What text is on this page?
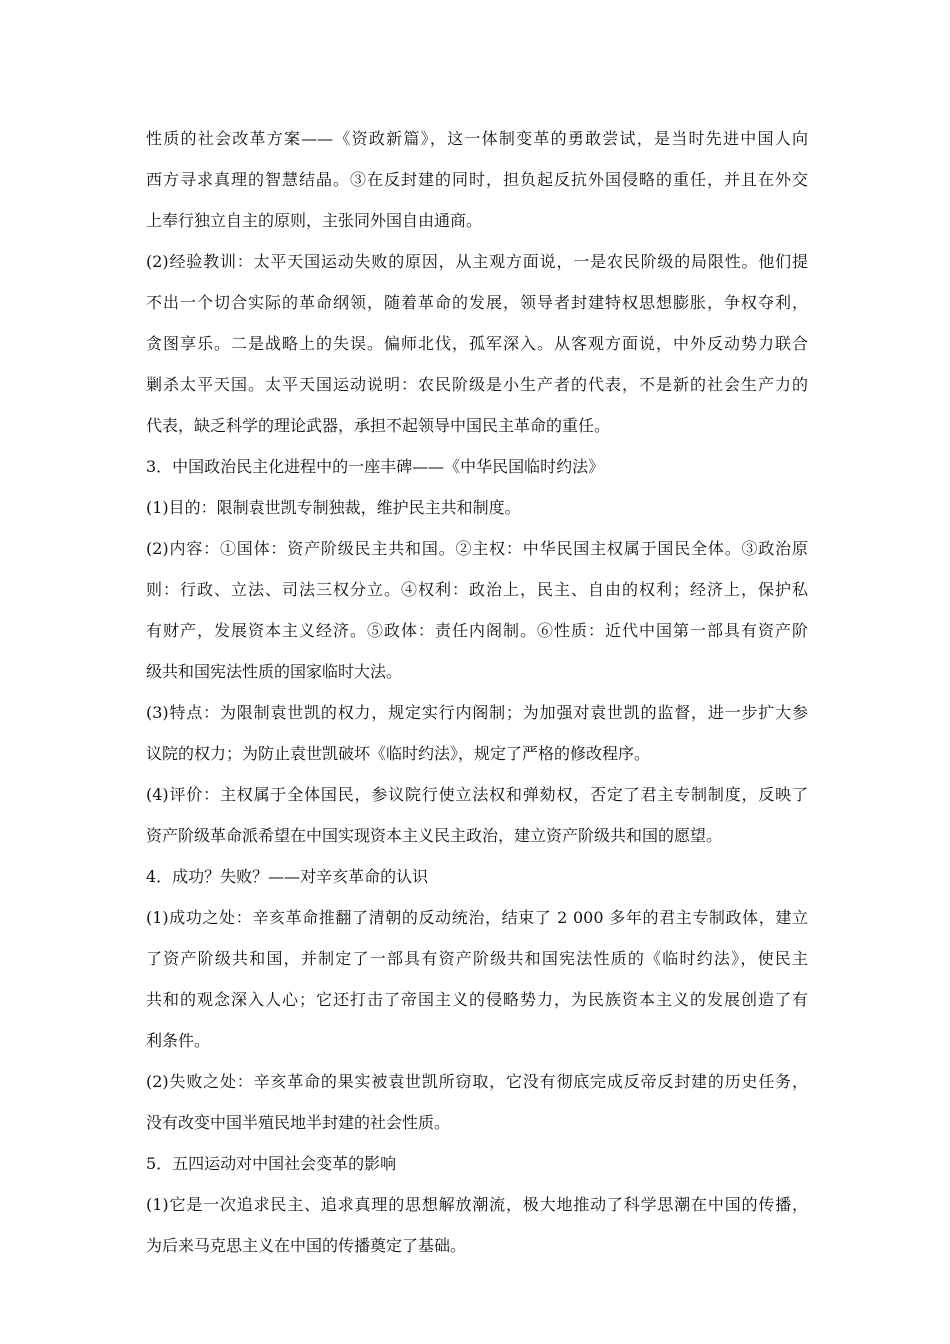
性质的社会改革方案——《资政新篇》，这一体制变革的勇敢尝试，是当时先进中国人向
西方寻求真理的智慧结晶。③在反封建的同时，担负起反抗外国侵略的重任，并且在外交
上奉行独立自主的原则，主张同外国自由通商。
(2)经验教训：太平天国运动失败的原因，从主观方面说，一是农民阶级的局限性。他们提
不出一个切合实际的革命纲领，随着革命的发展，领导者封建特权思想膨胀，争权夺利，
贪图享乐。二是战略上的失误。偏师北伐，孤军深入。从客观方面说，中外反动势力联合
剿杀太平天国。太平天国运动说明：农民阶级是小生产者的代表，不是新的社会生产力的
代表，缺乏科学的理论武器，承担不起领导中国民主革命的重任。
3．中国政治民主化进程中的一座丰碑——《中华民国临时约法》
(1)目的：限制袁世凯专制独裁，维护民主共和制度。
(2)内容：①国体：资产阶级民主共和国。②主权：中华民国主权属于国民全体。③政治原
则：行政、立法、司法三权分立。④权利：政治上，民主、自由的权利；经济上，保护私
有财产，发展资本主义经济。⑤政体：责任内阁制。⑥性质：近代中国第一部具有资产阶
级共和国宪法性质的国家临时大法。
(3)特点：为限制袁世凯的权力，规定实行内阁制；为加强对袁世凯的监督，进一步扩大参
议院的权力；为防止袁世凯破坏《临时约法》，规定了严格的修改程序。
(4)评价：主权属于全体国民，参议院行使立法权和弹劾权，否定了君主专制制度，反映了
资产阶级革命派希望在中国实现资本主义民主政治，建立资产阶级共和国的愿望。
4．成功？失败？——对辛亥革命的认识
(1)成功之处：辛亥革命推翻了清朝的反动统治，结束了 2 000 多年的君主专制政体，建立
了资产阶级共和国，并制定了一部具有资产阶级共和国宪法性质的《临时约法》，使民主
共和的观念深入人心；它还打击了帝国主义的侵略势力，为民族资本主义的发展创造了有
利条件。
(2)失败之处：辛亥革命的果实被袁世凯所窃取，它没有彻底完成反帝反封建的历史任务，
没有改变中国半殖民地半封建的社会性质。
5．五四运动对中国社会变革的影响
(1)它是一次追求民主、追求真理的思想解放潮流，极大地推动了科学思潮在中国的传播，
为后来马克思主义在中国的传播奠定了基础。
